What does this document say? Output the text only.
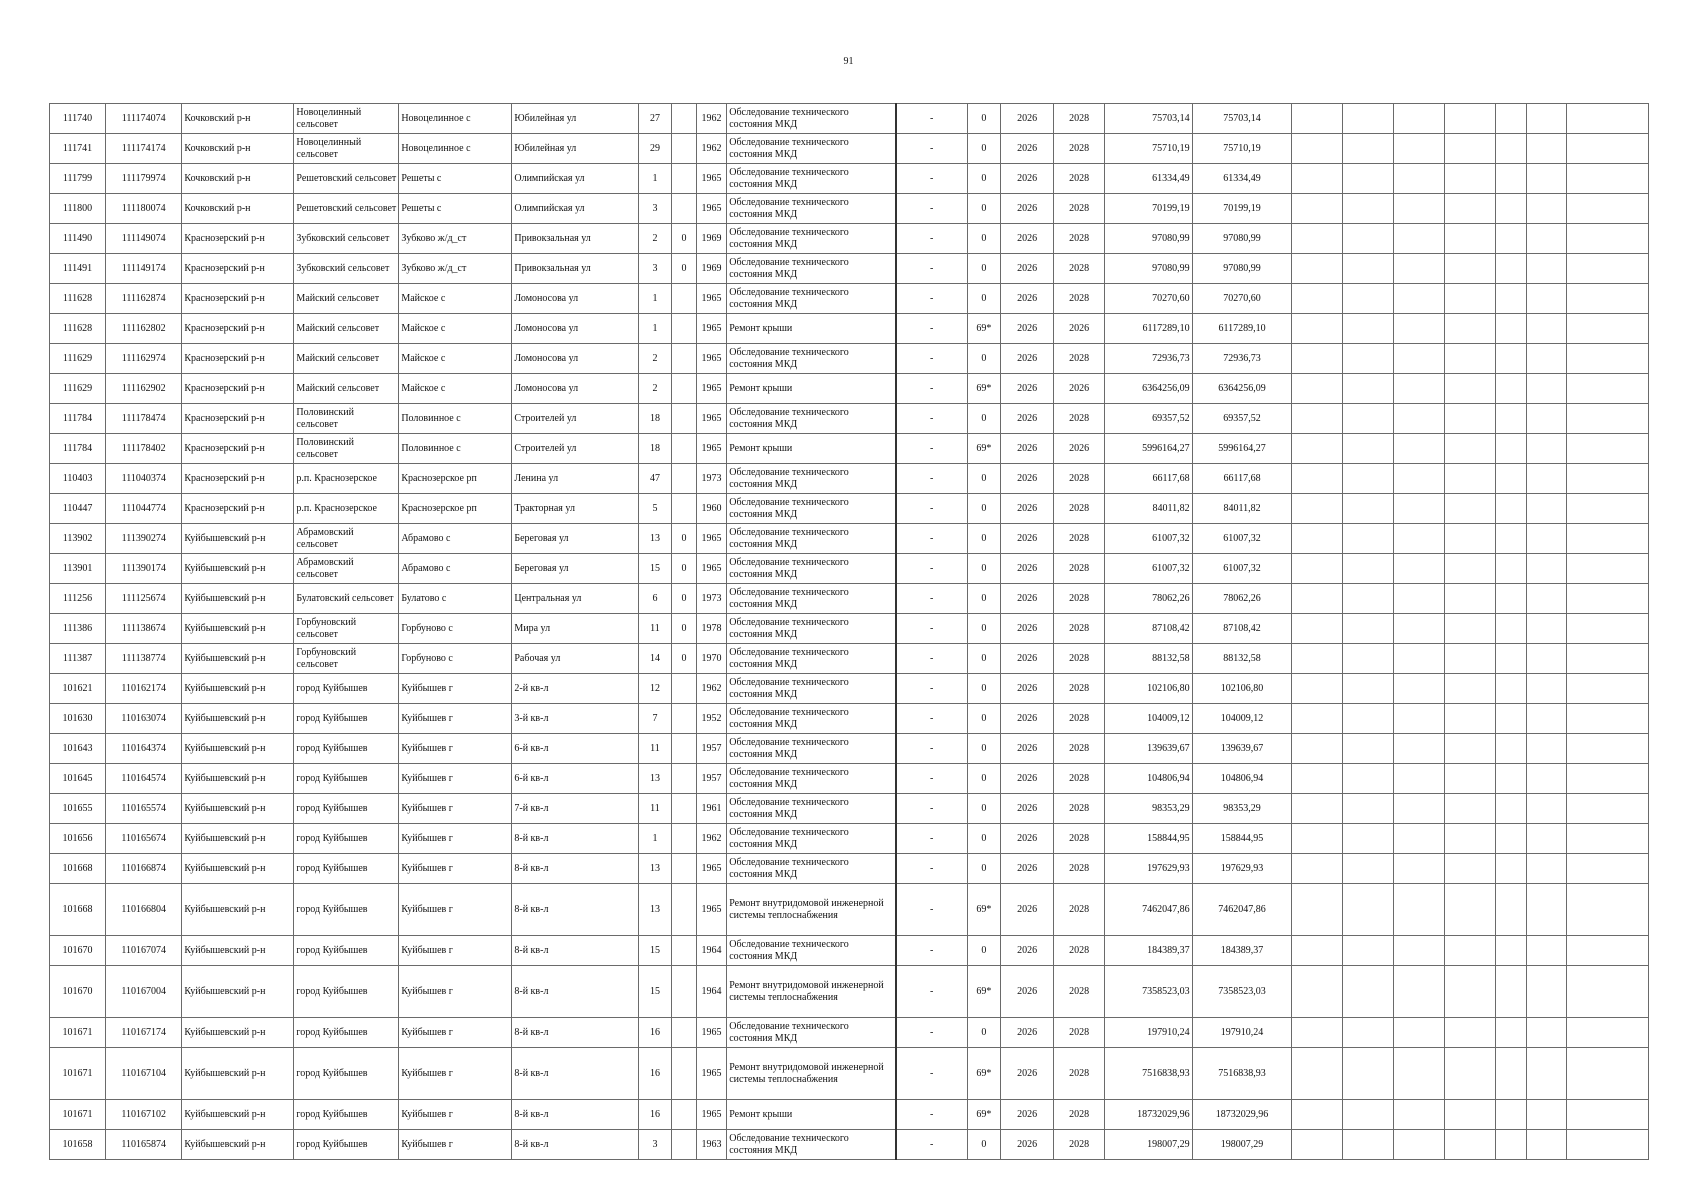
91
111740	111174074	Кочковский р-н	Новоцелинный сельсовет	Новоцелинное с	Юбилейная ул	27		1962	Обследование технического состояния МКД	-	0	2026	2028	75703,14	75703,14							
111741	111174174	Кочковский р-н	Новоцелинный сельсовет	Новоцелинное с	Юбилейная ул	29		1962	Обследование технического состояния МКД	-	0	2026	2028	75710,19	75710,19							
111799	111179974	Кочковский р-н	Решетовский сельсовет	Решеты с	Олимпийская ул	1		1965	Обследование технического состояния МКД	-	0	2026	2028	61334,49	61334,49							
111800	111180074	Кочковский р-н	Решетовский сельсовет	Решеты с	Олимпийская ул	3		1965	Обследование технического состояния МКД	-	0	2026	2028	70199,19	70199,19							
111490	111149074	Краснозерский р-н	Зубковский сельсовет	Зубково ж/д_ст	Привокзальная ул	2	0	1969	Обследование технического состояния МКД	-	0	2026	2028	97080,99	97080,99							
111491	111149174	Краснозерский р-н	Зубковский сельсовет	Зубково ж/д_ст	Привокзальная ул	3	0	1969	Обследование технического состояния МКД	-	0	2026	2028	97080,99	97080,99							
111628	111162874	Краснозерский р-н	Майский сельсовет	Майское с	Ломоносова ул	1		1965	Обследование технического состояния МКД	-	0	2026	2028	70270,60	70270,60							
111628	111162802	Краснозерский р-н	Майский сельсовет	Майское с	Ломоносова ул	1		1965	Ремонт крыши	-	69*	2026	2026	6117289,10	6117289,10							
111629	111162974	Краснозерский р-н	Майский сельсовет	Майское с	Ломоносова ул	2		1965	Обследование технического состояния МКД	-	0	2026	2028	72936,73	72936,73							
111629	111162902	Краснозерский р-н	Майский сельсовет	Майское с	Ломоносова ул	2		1965	Ремонт крыши	-	69*	2026	2026	6364256,09	6364256,09							
111784	111178474	Краснозерский р-н	Половинский сельсовет	Половинное с	Строителей ул	18		1965	Обследование технического состояния МКД	-	0	2026	2028	69357,52	69357,52							
111784	111178402	Краснозерский р-н	Половинский сельсовет	Половинное с	Строителей ул	18		1965	Ремонт крыши	-	69*	2026	2026	5996164,27	5996164,27							
110403	111040374	Краснозерский р-н	р.п. Краснозерское	Краснозерское рп	Ленина ул	47		1973	Обследование технического состояния МКД	-	0	2026	2028	66117,68	66117,68							
110447	111044774	Краснозерский р-н	р.п. Краснозерское	Краснозерское рп	Тракторная ул	5		1960	Обследование технического состояния МКД	-	0	2026	2028	84011,82	84011,82							
113902	111390274	Куйбышевский р-н	Абрамовский сельсовет	Абрамово с	Береговая ул	13	0	1965	Обследование технического состояния МКД	-	0	2026	2028	61007,32	61007,32							
113901	111390174	Куйбышевский р-н	Абрамовский сельсовет	Абрамово с	Береговая ул	15	0	1965	Обследование технического состояния МКД	-	0	2026	2028	61007,32	61007,32							
111256	111125674	Куйбышевский р-н	Булатовский сельсовет	Булатово с	Центральная ул	6	0	1973	Обследование технического состояния МКД	-	0	2026	2028	78062,26	78062,26							
111386	111138674	Куйбышевский р-н	Горбуновский сельсовет	Горбуново с	Мира ул	11	0	1978	Обследование технического состояния МКД	-	0	2026	2028	87108,42	87108,42							
111387	111138774	Куйбышевский р-н	Горбуновский сельсовет	Горбуново с	Рабочая ул	14	0	1970	Обследование технического состояния МКД	-	0	2026	2028	88132,58	88132,58							
101621	110162174	Куйбышевский р-н	город Куйбышев	Куйбышев г	2-й кв-л	12		1962	Обследование технического состояния МКД	-	0	2026	2028	102106,80	102106,80							
101630	110163074	Куйбышевский р-н	город Куйбышев	Куйбышев г	3-й кв-л	7		1952	Обследование технического состояния МКД	-	0	2026	2028	104009,12	104009,12							
101643	110164374	Куйбышевский р-н	город Куйбышев	Куйбышев г	6-й кв-л	11		1957	Обследование технического состояния МКД	-	0	2026	2028	139639,67	139639,67							
101645	110164574	Куйбышевский р-н	город Куйбышев	Куйбышев г	6-й кв-л	13		1957	Обследование технического состояния МКД	-	0	2026	2028	104806,94	104806,94							
101655	110165574	Куйбышевский р-н	город Куйбышев	Куйбышев г	7-й кв-л	11		1961	Обследование технического состояния МКД	-	0	2026	2028	98353,29	98353,29							
101656	110165674	Куйбышевский р-н	город Куйбышев	Куйбышев г	8-й кв-л	1		1962	Обследование технического состояния МКД	-	0	2026	2028	158844,95	158844,95							
101668	110166874	Куйбышевский р-н	город Куйбышев	Куйбышев г	8-й кв-л	13		1965	Обследование технического состояния МКД	-	0	2026	2028	197629,93	197629,93							
101668	110166804	Куйбышевский р-н	город Куйбышев	Куйбышев г	8-й кв-л	13		1965	Ремонт внутридомовой инженерной системы теплоснабжения	-	69*	2026	2028	7462047,86	7462047,86							
101670	110167074	Куйбышевский р-н	город Куйбышев	Куйбышев г	8-й кв-л	15		1964	Обследование технического состояния МКД	-	0	2026	2028	184389,37	184389,37							
101670	110167004	Куйбышевский р-н	город Куйбышев	Куйбышев г	8-й кв-л	15		1964	Ремонт внутридомовой инженерной системы теплоснабжения	-	69*	2026	2028	7358523,03	7358523,03							
101671	110167174	Куйбышевский р-н	город Куйбышев	Куйбышев г	8-й кв-л	16		1965	Обследование технического состояния МКД	-	0	2026	2028	197910,24	197910,24							
101671	110167104	Куйбышевский р-н	город Куйбышев	Куйбышев г	8-й кв-л	16		1965	Ремонт внутридомовой инженерной системы теплоснабжения	-	69*	2026	2028	7516838,93	7516838,93							
101671	110167102	Куйбышевский р-н	город Куйбышев	Куйбышев г	8-й кв-л	16		1965	Ремонт крыши	-	69*	2026	2028	18732029,96	18732029,96							
101658	110165874	Куйбышевский р-н	город Куйбышев	Куйбышев г	8-й кв-л	3		1963	Обследование технического состояния МКД	-	0	2026	2028	198007,29	198007,29							
